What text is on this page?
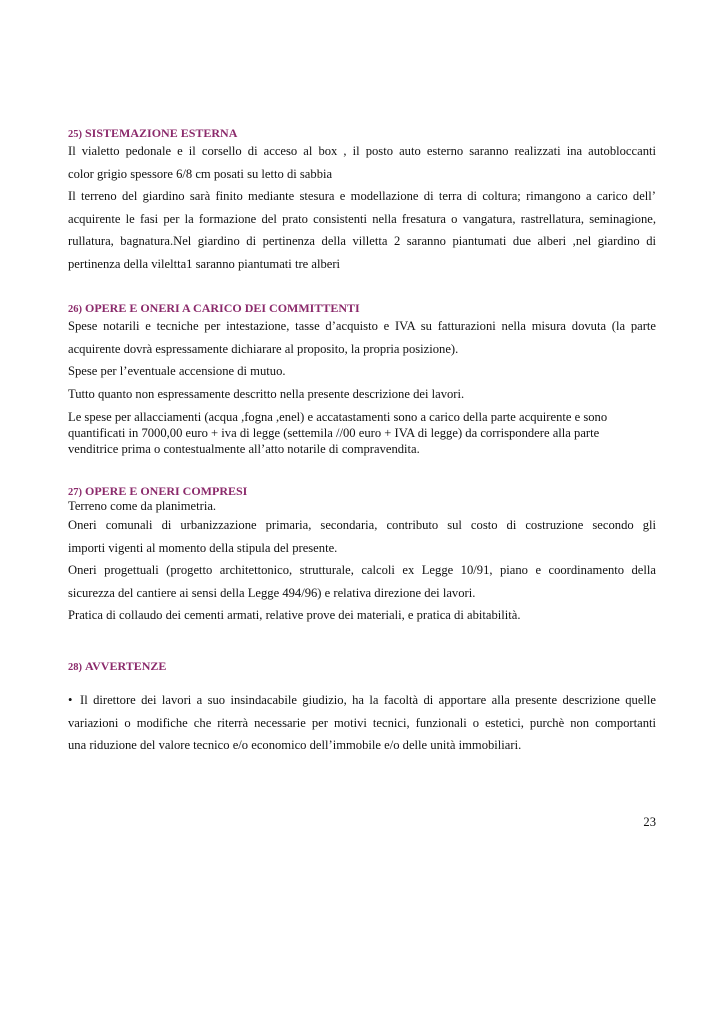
25) SISTEMAZIONE ESTERNA
Il vialetto pedonale e il corsello di acceso al box , il posto auto esterno saranno realizzati ina autobloccanti
color grigio spessore 6/8 cm posati su letto di sabbia
Il terreno del giardino sarà finito mediante stesura e modellazione di terra di coltura; rimangono a carico dell’
acquirente le fasi per la formazione del prato consistenti nella fresatura o vangatura, rastrellatura, seminagione,
rullatura, bagnatura.Nel giardino di pertinenza della villetta 2 saranno piantumati due alberi ,nel giardino di
pertinenza della vileltta1 saranno piantumati tre alberi
26) OPERE E ONERI A CARICO DEI COMMITTENTI
Spese notarili e tecniche per intestazione, tasse d’acquisto e IVA su fatturazioni nella misura dovuta (la parte
acquirente dovrà espressamente dichiarare al proposito, la propria posizione).
Spese per l’eventuale accensione di mutuo.
Tutto quanto non espressamente descritto nella presente descrizione dei lavori.
Le spese per allacciamenti (acqua ,fogna ,enel) e accatastamenti sono a carico della parte acquirente e sono
quantificati in 7000,00 euro + iva di legge (settemila //00 euro + IVA di legge) da corrispondere alla parte
venditrice prima o contestualmente all’atto notarile di compravendita.
27) OPERE E ONERI COMPRESI
Terreno come da planimetria.
Oneri comunali di urbanizzazione primaria, secondaria, contributo sul costo di costruzione secondo gli
importi vigenti al momento della stipula del presente.
Oneri progettuali (progetto architettonico, strutturale, calcoli ex Legge 10/91, piano e coordinamento della
sicurezza del cantiere ai sensi della Legge 494/96) e relativa direzione dei lavori.
Pratica di collaudo dei cementi armati, relative prove dei materiali, e pratica di abitabilità.
28) AVVERTENZE
• Il direttore dei lavori a suo insindacabile giudizio, ha la facoltà di apportare alla presente descrizione quelle
variazioni o modifiche che riterrà necessarie per motivi tecnici, funzionali o estetici, purchè non comportanti
una riduzione del valore tecnico e/o economico dell’immobile e/o delle unità immobiliari.
23
